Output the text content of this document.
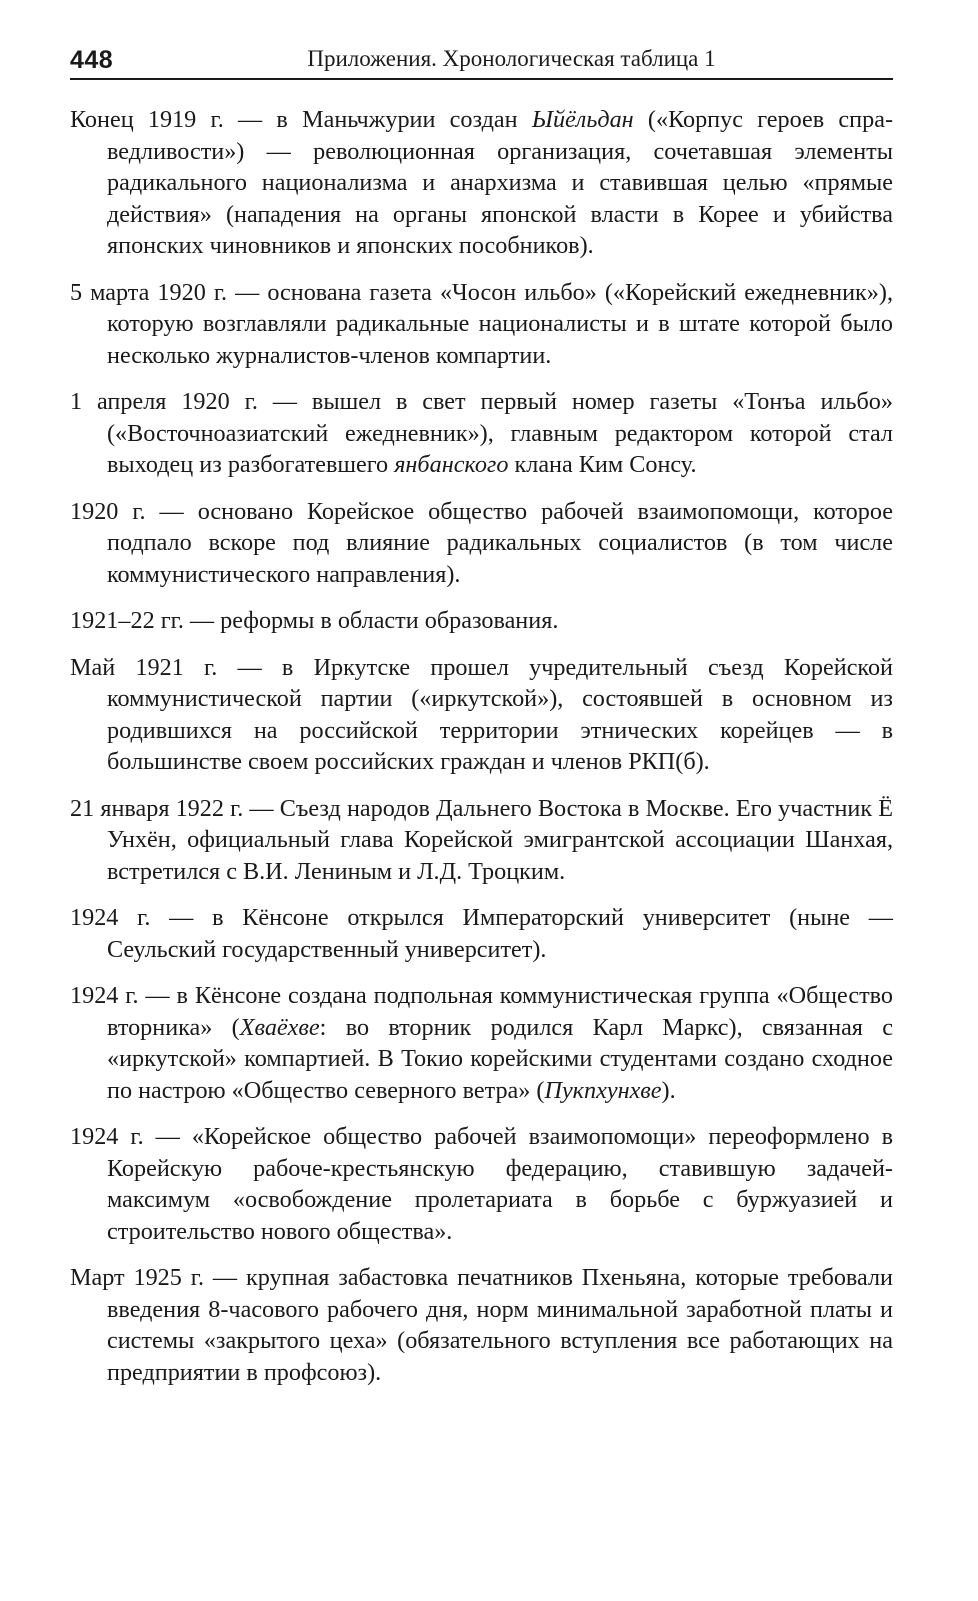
448	Приложения. Хронологическая таблица 1
Конец 1919 г. — в Маньчжурии создан Ыйёльдан («Корпус героев справедливости») — революционная организация, сочетавшая элементы радикального национализма и анархизма и ставившая целью «прямые действия» (нападения на органы японской власти в Корее и убийства японских чиновников и японских пособников).
5 марта 1920 г. — основана газета «Чосон ильбо» («Корейский ежедневник»), которую возглавляли радикальные националисты и в штате которой было несколько журналистов-членов компартии.
1 апреля 1920 г. — вышел в свет первый номер газеты «Тонъа ильбо» («Восточноазиатский ежедневник»), главным редактором которой стал выходец из разбогатевшего янбанского клана Ким Сонсу.
1920 г. — основано Корейское общество рабочей взаимопомощи, которое подпало вскоре под влияние радикальных социалистов (в том числе коммунистического направления).
1921–22 гг. — реформы в области образования.
Май 1921 г. — в Иркутске прошел учредительный съезд Корейской коммунистической партии («иркутской»), состоявшей в основном из родившихся на российской территории этнических корейцев — в большинстве своем российских граждан и членов РКП(б).
21 января 1922 г. — Съезд народов Дальнего Востока в Москве. Его участник Ё Унхён, официальный глава Корейской эмигрантской ассоциации Шанхая, встретился с В.И. Лениным и Л.Д. Троцким.
1924 г. — в Кёнсоне открылся Императорский университет (ныне — Сеульский государственный университет).
1924 г. — в Кёнсоне создана подпольная коммунистическая группа «Общество вторника» (Хваёхве: во вторник родился Карл Маркс), связанная с «иркутской» компартией. В Токио корейскими студентами создано сходное по настрою «Общество северного ветра» (Пукпхунхве).
1924 г. — «Корейское общество рабочей взаимопомощи» переоформлено в Корейскую рабоче-крестьянскую федерацию, ставившую задачей-максимум «освобождение пролетариата в борьбе с буржуазией и строительство нового общества».
Март 1925 г. — крупная забастовка печатников Пхеньяна, которые требовали введения 8-часового рабочего дня, норм минимальной заработной платы и системы «закрытого цеха» (обязательного вступления все работающих на предприятии в профсоюз).
